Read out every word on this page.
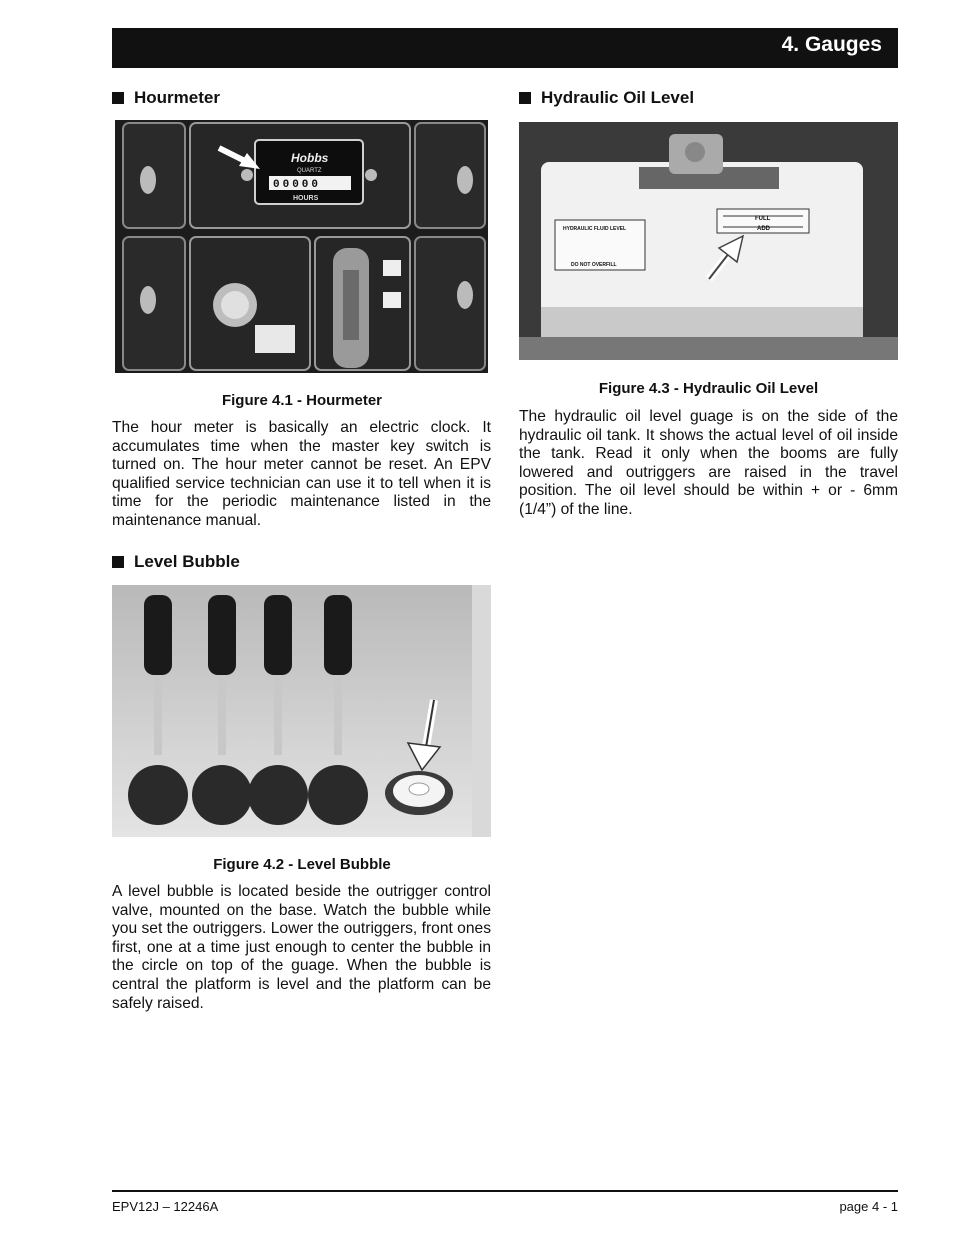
4. Gauges
Hourmeter
Hobbs
QUARTZ
00000
HOURS

Figure 4.1 - Hourmeter

The hour meter is basically an electric clock. It accumulates time when the master key switch is turned on. The hour meter cannot be reset. An EPV qualified service technician can use it to tell when it is time for the periodic maintenance listed in the maintenance manual.

Level Bubble

Figure 4.2 - Level Bubble

A level bubble is located beside the outrigger control valve, mounted on the base. Watch the bubble while you set the outriggers. Lower the outriggers, front ones first, one at a time just enough to center the bubble in the circle on top of the guage. When the bubble is central the platform is level and the platform can be safely raised.

Hydraulic Oil Level
HYDRAULIC FLUID LEVEL
DO NOT OVERFILL
FULL
ADD

Figure 4.3 - Hydraulic Oil Level

The hydraulic oil level guage is on the side of the hydraulic oil tank. It shows the actual level of oil inside the tank. Read it only when the booms are fully lowered and outriggers are raised in the travel position. The oil level should be within + or - 6mm (1/4”) of the line.

EPV12J – 12246A	page 4 - 1
